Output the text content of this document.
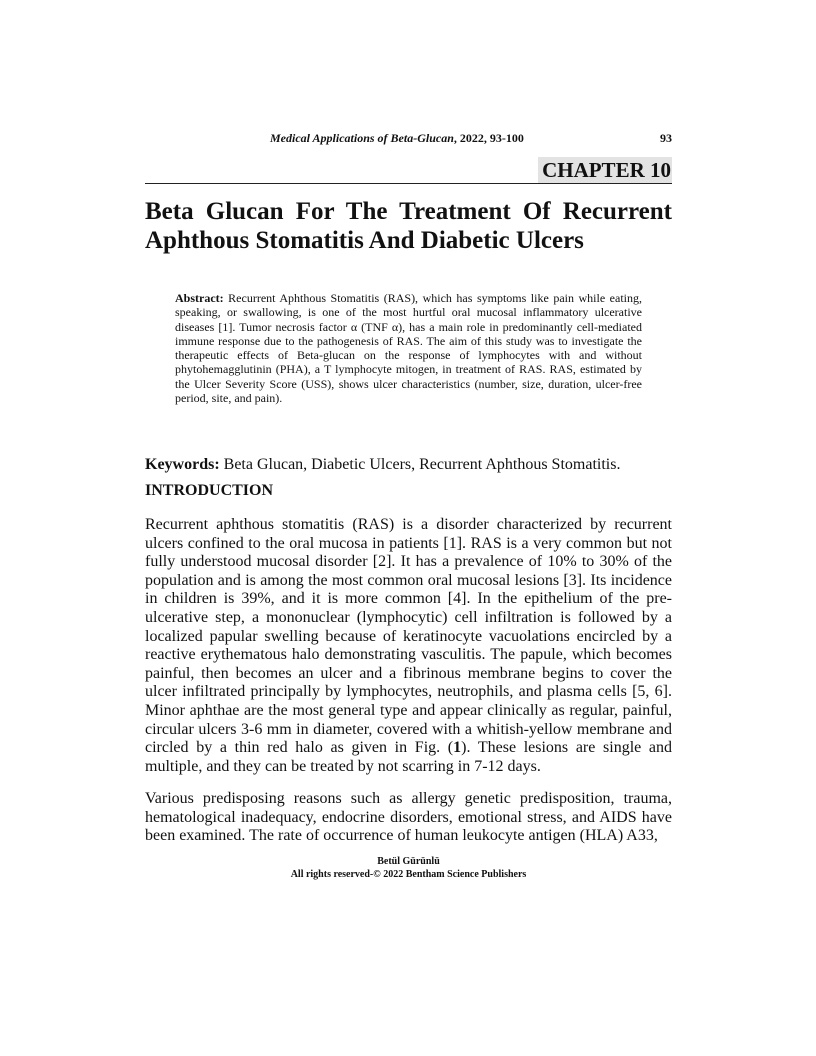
Medical Applications of Beta-Glucan, 2022, 93-100	93
CHAPTER 10
Beta Glucan For The Treatment Of Recurrent
Aphthous Stomatitis And Diabetic Ulcers
Abstract: Recurrent Aphthous Stomatitis (RAS), which has symptoms like pain while eating, speaking, or swallowing, is one of the most hurtful oral mucosal inflammatory ulcerative diseases [1]. Tumor necrosis factor α (TNF α), has a main role in predominantly cell-mediated immune response due to the pathogenesis of RAS. The aim of this study was to investigate the therapeutic effects of Beta-glucan on the response of lymphocytes with and without phytohemagglutinin (PHA), a T lymphocyte mitogen, in treatment of RAS. RAS, estimated by the Ulcer Severity Score (USS), shows ulcer characteristics (number, size, duration, ulcer-free period, site, and pain).
Keywords: Beta Glucan, Diabetic Ulcers, Recurrent Aphthous Stomatitis.
INTRODUCTION
Recurrent aphthous stomatitis (RAS) is a disorder characterized by recurrent ulcers confined to the oral mucosa in patients [1]. RAS is a very common but not fully understood mucosal disorder [2]. It has a prevalence of 10% to 30% of the population and is among the most common oral mucosal lesions [3]. Its incidence in children is 39%, and it is more common [4]. In the epithelium of the pre-ulcerative step, a mononuclear (lymphocytic) cell infiltration is followed by a localized papular swelling because of keratinocyte vacuolations encircled by a reactive erythematous halo demonstrating vasculitis. The papule, which becomes painful, then becomes an ulcer and a fibrinous membrane begins to cover the ulcer infiltrated principally by lymphocytes, neutrophils, and plasma cells [5, 6]. Minor aphthae are the most general type and appear clinically as regular, painful, circular ulcers 3-6 mm in diameter, covered with a whitish-yellow membrane and circled by a thin red halo as given in Fig. (1). These lesions are single and multiple, and they can be treated by not scarring in 7-12 days.
Various predisposing reasons such as allergy genetic predisposition, trauma, hematological inadequacy, endocrine disorders, emotional stress, and AIDS have been examined. The rate of occurrence of human leukocyte antigen (HLA) A33,
Betül Gürünlü
All rights reserved-© 2022 Bentham Science Publishers
